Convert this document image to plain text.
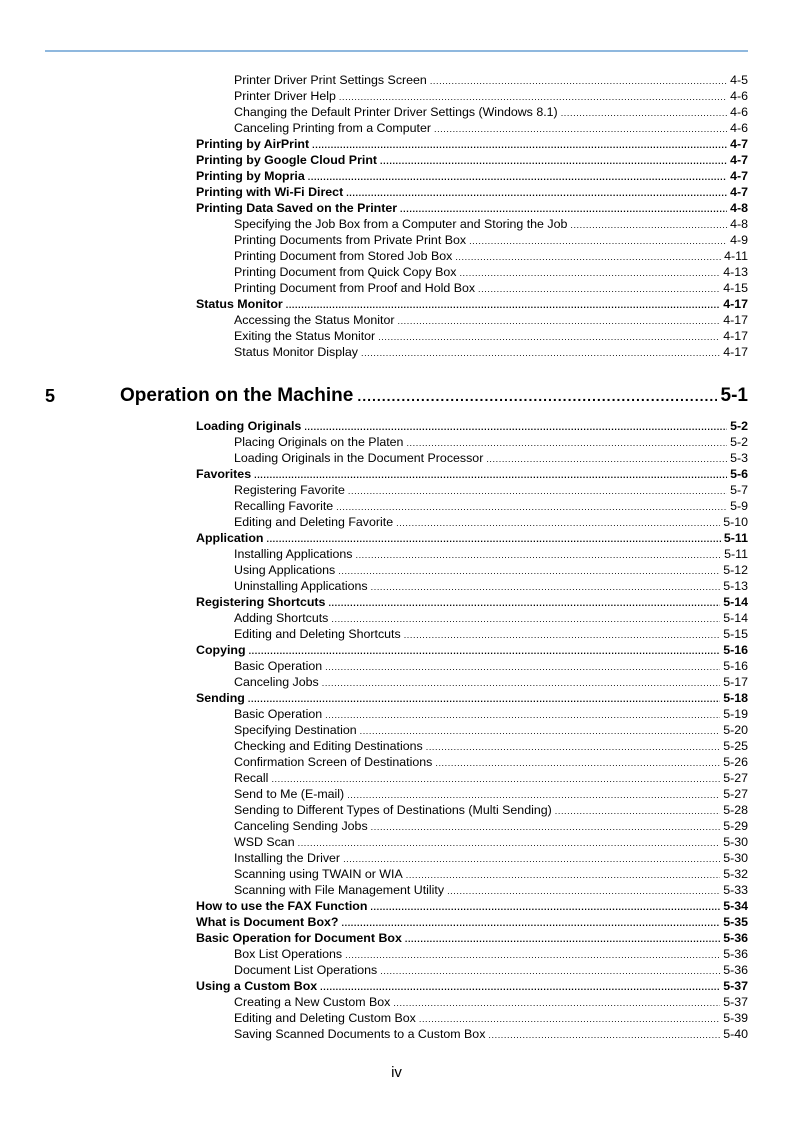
Printer Driver Print Settings Screen .....	4-5
Printer Driver Help .....	4-6
Changing the Default Printer Driver Settings (Windows 8.1) .....	4-6
Canceling Printing from a Computer .....	4-6
Printing by AirPrint .....	4-7
Printing by Google Cloud Print .....	4-7
Printing by Mopria .....	4-7
Printing with Wi-Fi Direct .....	4-7
Printing Data Saved on the Printer .....	4-8
Specifying the Job Box from a Computer and Storing the Job .....	4-8
Printing Documents from Private Print Box .....	4-9
Printing Document from Stored Job Box .....	4-11
Printing Document from Quick Copy Box .....	4-13
Printing Document from Proof and Hold Box .....	4-15
Status Monitor .....	4-17
Accessing the Status Monitor .....	4-17
Exiting the Status Monitor .....	4-17
Status Monitor Display .....	4-17
5	Operation on the Machine .....	5-1
Loading Originals .....	5-2
Placing Originals on the Platen .....	5-2
Loading Originals in the Document Processor .....	5-3
Favorites .....	5-6
Registering Favorite .....	5-7
Recalling Favorite .....	5-9
Editing and Deleting Favorite .....	5-10
Application .....	5-11
Installing Applications .....	5-11
Using Applications .....	5-12
Uninstalling Applications .....	5-13
Registering Shortcuts .....	5-14
Adding Shortcuts .....	5-14
Editing and Deleting Shortcuts .....	5-15
Copying .....	5-16
Basic Operation .....	5-16
Canceling Jobs .....	5-17
Sending .....	5-18
Basic Operation .....	5-19
Specifying Destination .....	5-20
Checking and Editing Destinations .....	5-25
Confirmation Screen of Destinations .....	5-26
Recall .....	5-27
Send to Me (E-mail) .....	5-27
Sending to Different Types of Destinations (Multi Sending) .....	5-28
Canceling Sending Jobs .....	5-29
WSD Scan .....	5-30
Installing the Driver .....	5-30
Scanning using TWAIN or WIA .....	5-32
Scanning with File Management Utility .....	5-33
How to use the FAX Function .....	5-34
What is Document Box? .....	5-35
Basic Operation for Document Box .....	5-36
Box List Operations .....	5-36
Document List Operations .....	5-36
Using a Custom Box .....	5-37
Creating a New Custom Box .....	5-37
Editing and Deleting Custom Box .....	5-39
Saving Scanned Documents to a Custom Box .....	5-40
iv
